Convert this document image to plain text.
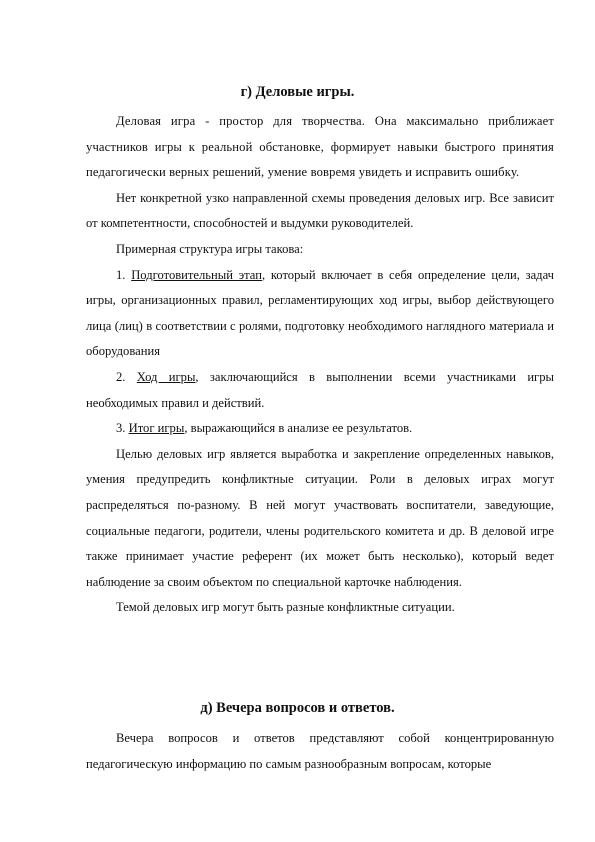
г) Деловые игры.

Деловая игра - простор для творчества. Она максимально приближает участников игры к реальной обстановке, формирует навыки быстрого принятия педагогически верных решений, умение вовремя увидеть и исправить ошибку.

Нет конкретной узко направленной схемы проведения деловых игр. Все зависит от компетентности, способностей и выдумки руководителей.

Примерная структура игры такова:

1. Подготовительный этап, который включает в себя определение цели, задач игры, организационных правил, регламентирующих ход игры, выбор действующего лица (лиц) в соответствии с ролями, подготовку необходимого наглядного материала и оборудования

2. Ход игры, заключающийся в выполнении всеми участниками игры необходимых правил и действий.

3. Итог игры, выражающийся в анализе ее результатов.

Целью деловых игр является выработка и закрепление определенных навыков, умения предупредить конфликтные ситуации. Роли в деловых играх могут распределяться по-разному. В ней могут участвовать воспитатели, заведующие, социальные педагоги, родители, члены родительского комитета и др. В деловой игре также принимает участие референт (их может быть несколько), который ведет наблюдение за своим объектом по специальной карточке наблюдения.

Темой деловых игр могут быть разные конфликтные ситуации.

д) Вечера вопросов и ответов.

Вечера вопросов и ответов представляют собой концентрированную педагогическую информацию по самым разнообразным вопросам, которые
